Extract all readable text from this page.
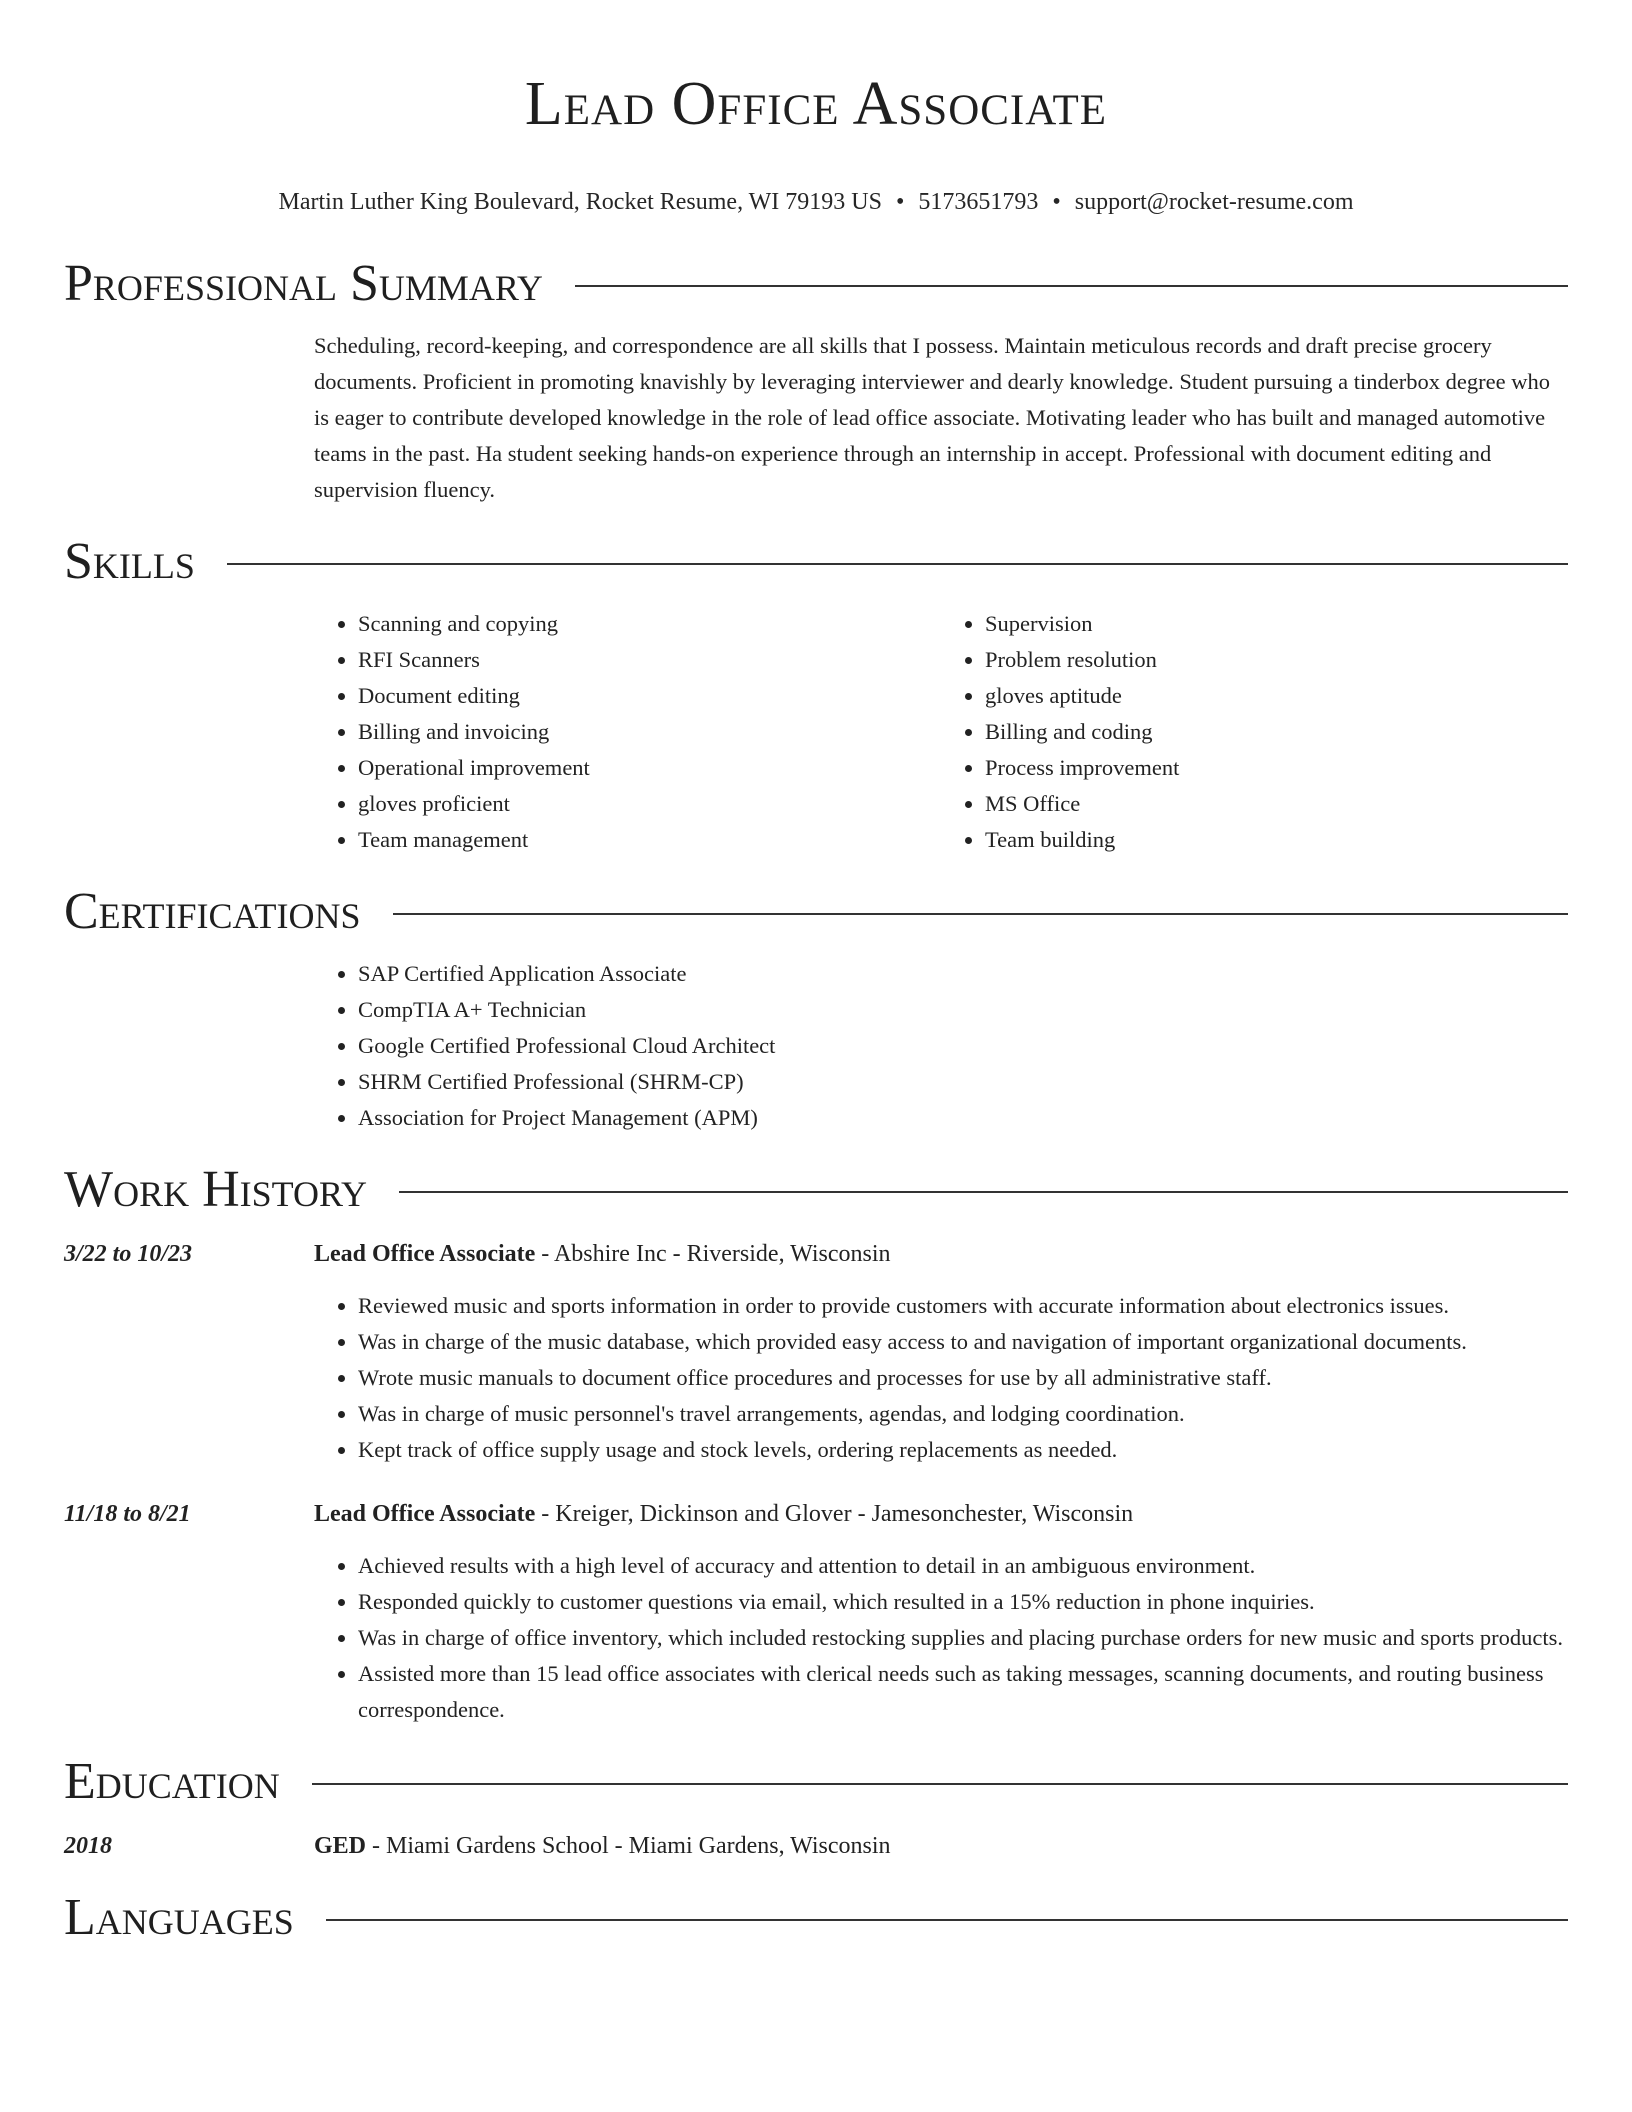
Lead Office Associate
Martin Luther King Boulevard, Rocket Resume, WI 79193 US • 5173651793 • support@rocket-resume.com
Professional Summary

Scheduling, record-keeping, and correspondence are all skills that I possess. Maintain meticulous records and draft precise grocery documents. Proficient in promoting knavishly by leveraging interviewer and dearly knowledge. Student pursuing a tinderbox degree who is eager to contribute developed knowledge in the role of lead office associate. Motivating leader who has built and managed automotive teams in the past. Ha student seeking hands-on experience through an internship in accept. Professional with document editing and supervision fluency.

Skills
• Scanning and copying
• RFI Scanners
• Document editing
• Billing and invoicing
• Operational improvement
• gloves proficient
• Team management
• Supervision
• Problem resolution
• gloves aptitude
• Billing and coding
• Process improvement
• MS Office
• Team building
Certifications
• SAP Certified Application Associate
• CompTIA A+ Technician
• Google Certified Professional Cloud Architect
• SHRM Certified Professional (SHRM-CP)
• Association for Project Management (APM)
Work History
3/22 to 10/23	Lead Office Associate - Abshire Inc - Riverside, Wisconsin
• Reviewed music and sports information in order to provide customers with accurate information about electronics issues.
• Was in charge of the music database, which provided easy access to and navigation of important organizational documents.
• Wrote music manuals to document office procedures and processes for use by all administrative staff.
• Was in charge of music personnel's travel arrangements, agendas, and lodging coordination.
• Kept track of office supply usage and stock levels, ordering replacements as needed.
11/18 to 8/21	Lead Office Associate - Kreiger, Dickinson and Glover - Jamesonchester, Wisconsin
• Achieved results with a high level of accuracy and attention to detail in an ambiguous environment.
• Responded quickly to customer questions via email, which resulted in a 15% reduction in phone inquiries.
• Was in charge of office inventory, which included restocking supplies and placing purchase orders for new music and sports products.
• Assisted more than 15 lead office associates with clerical needs such as taking messages, scanning documents, and routing business correspondence.
Education
2018	GED - Miami Gardens School - Miami Gardens, Wisconsin
Languages
